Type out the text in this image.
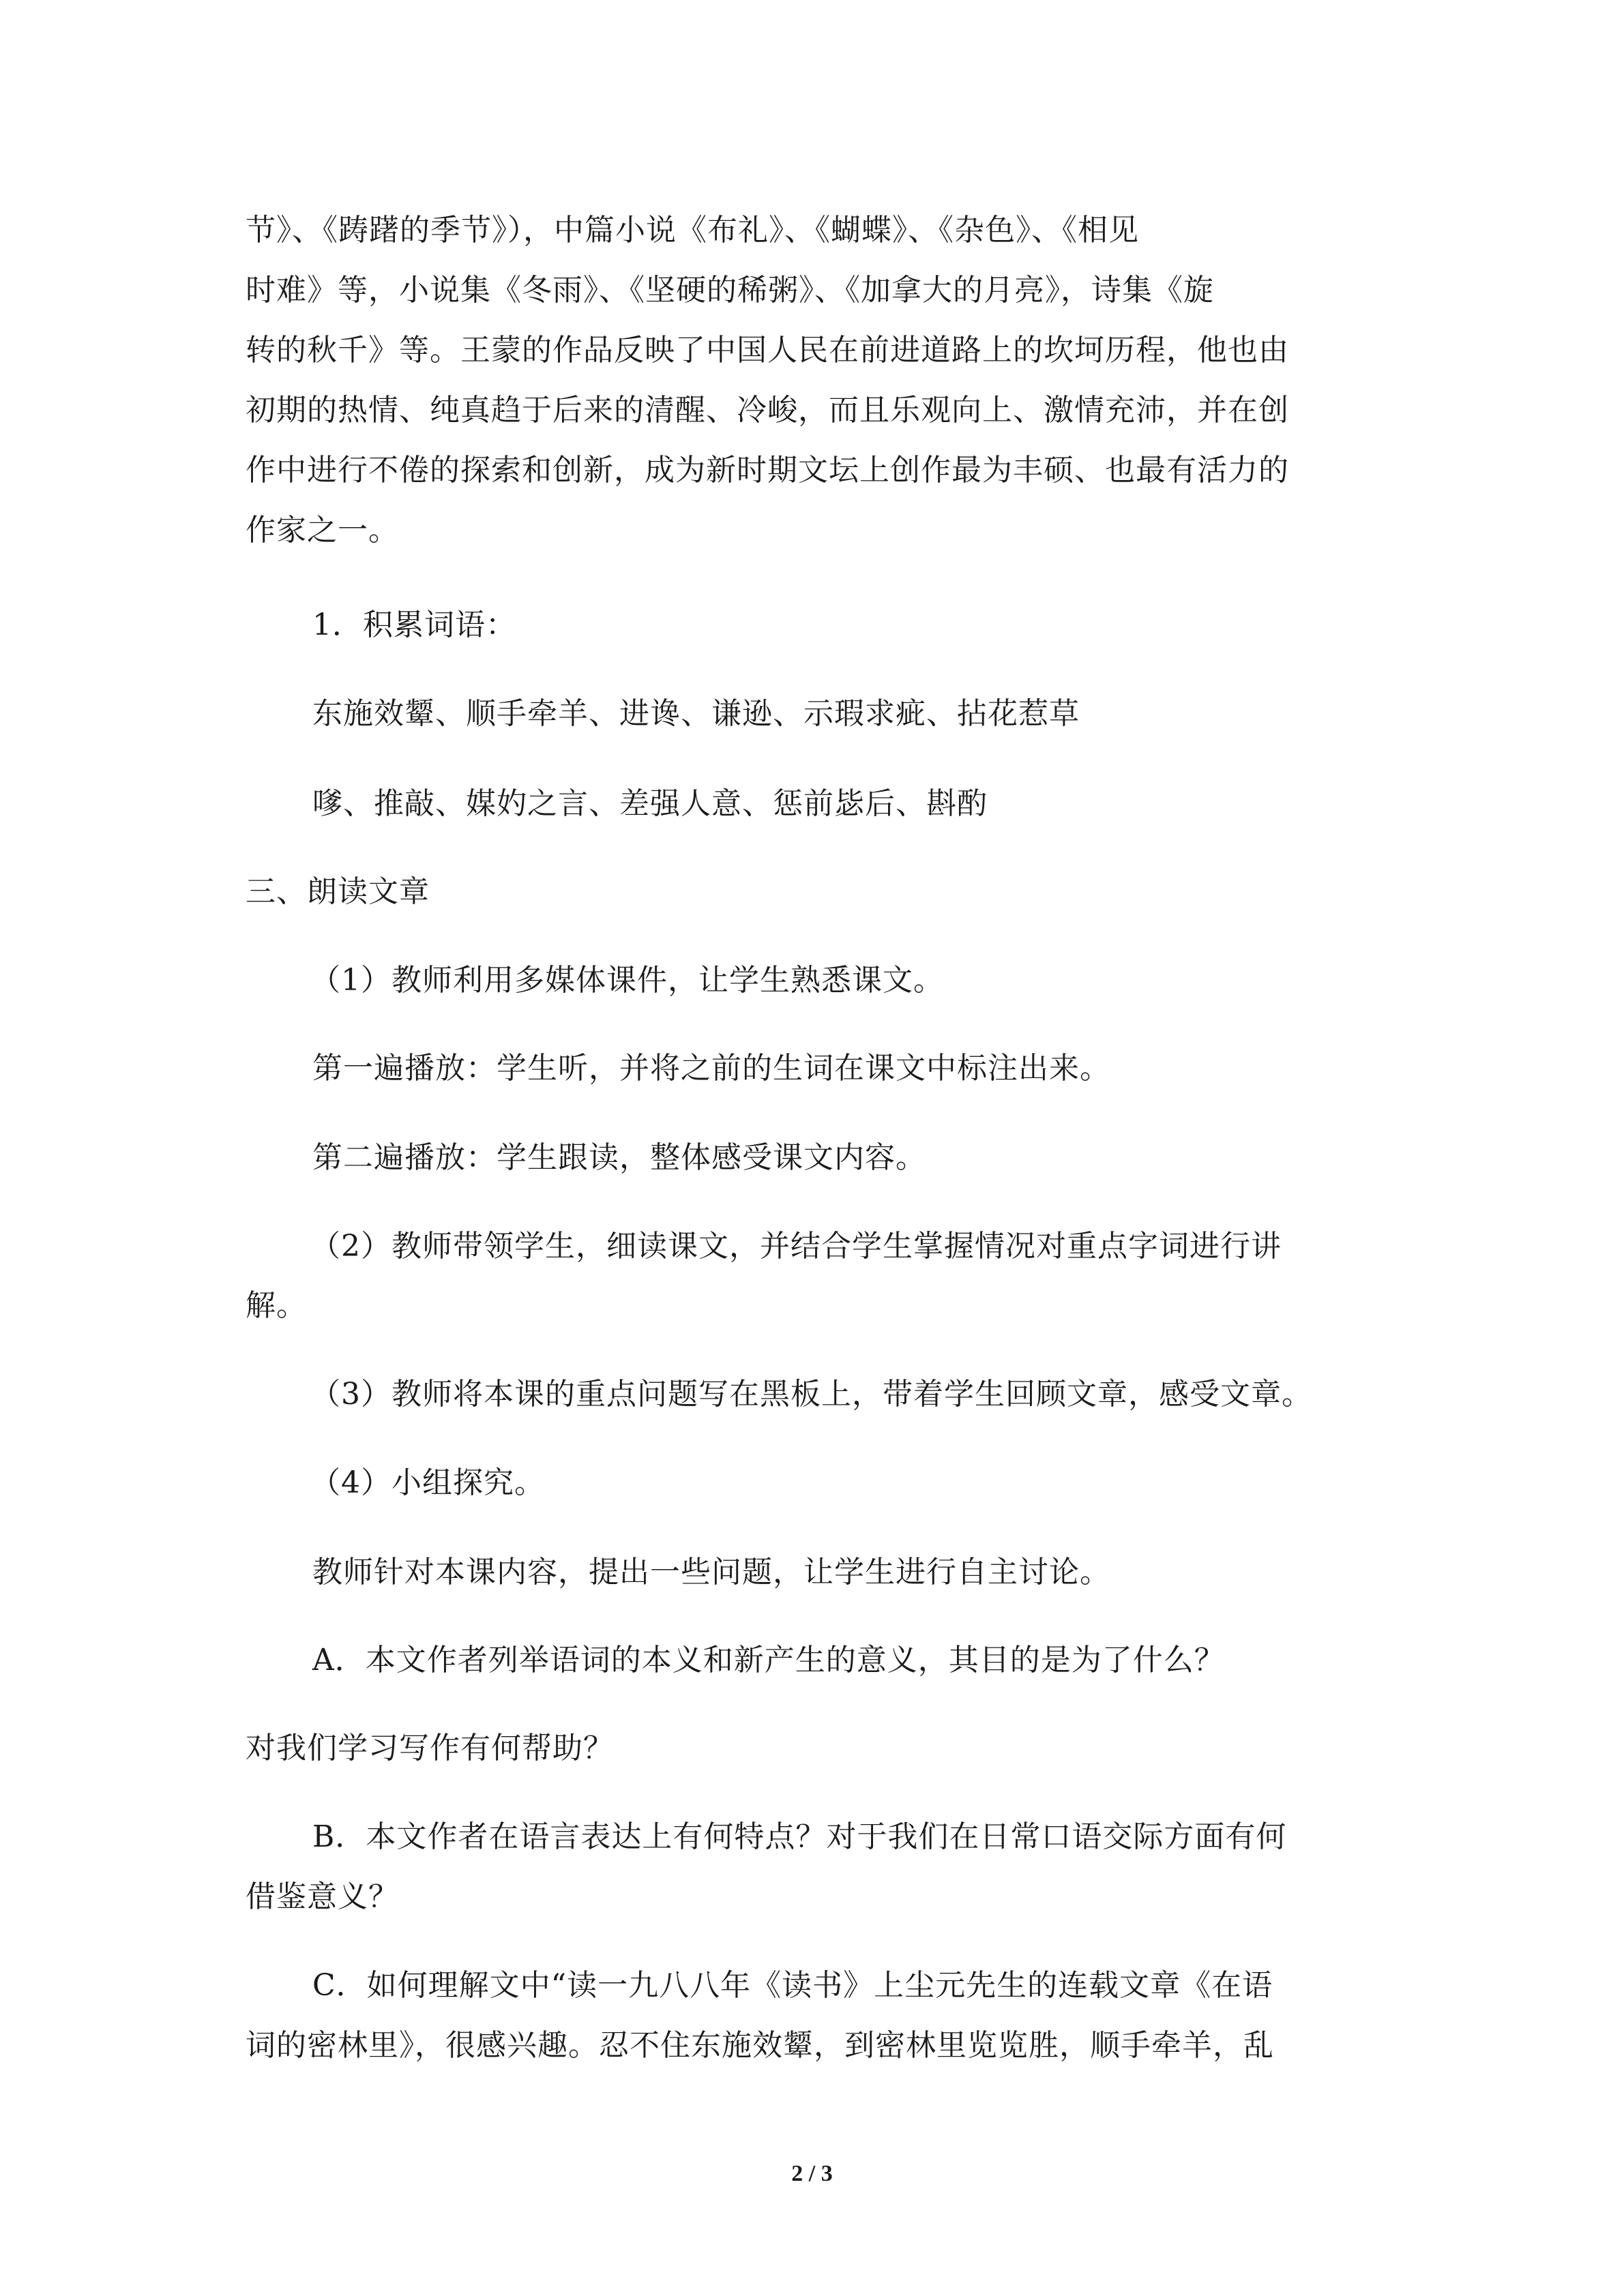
节》、《踌躇的季节》），中篇小说《布礼》、《蝴蝶》、《杂色》、《相见
时难》等，小说集《冬雨》、《坚硬的稀粥》、《加拿大的月亮》，诗集《旋
转的秋千》等。王蒙的作品反映了中国人民在前进道路上的坎坷历程，他也由
初期的热情、纯真趋于后来的清醒、冷峻，而且乐观向上、激情充沛，并在创
作中进行不倦的探索和创新，成为新时期文坛上创作最为丰硕、也最有活力的
作家之一。
1．积累词语：
东施效颦、顺手牵羊、进谗、谦逊、示瑕求疵、拈花惹草
嗲、推敲、媒妁之言、差强人意、惩前毖后、斟酌
三、朗读文章
（1）教师利用多媒体课件，让学生熟悉课文。
第一遍播放：学生听，并将之前的生词在课文中标注出来。
第二遍播放：学生跟读，整体感受课文内容。
（2）教师带领学生，细读课文，并结合学生掌握情况对重点字词进行讲
解。
（3）教师将本课的重点问题写在黑板上，带着学生回顾文章，感受文章。
（4）小组探究。
教师针对本课内容，提出一些问题，让学生进行自主讨论。
A．本文作者列举语词的本义和新产生的意义，其目的是为了什么？
对我们学习写作有何帮助？
B．本文作者在语言表达上有何特点？对于我们在日常口语交际方面有何
借鉴意义？
C．如何理解文中“读一九八八年《读书》上尘元先生的连载文章《在语
词的密林里》，很感兴趣。忍不住东施效颦，到密林里览览胜，顺手牵羊，乱
2 / 3
